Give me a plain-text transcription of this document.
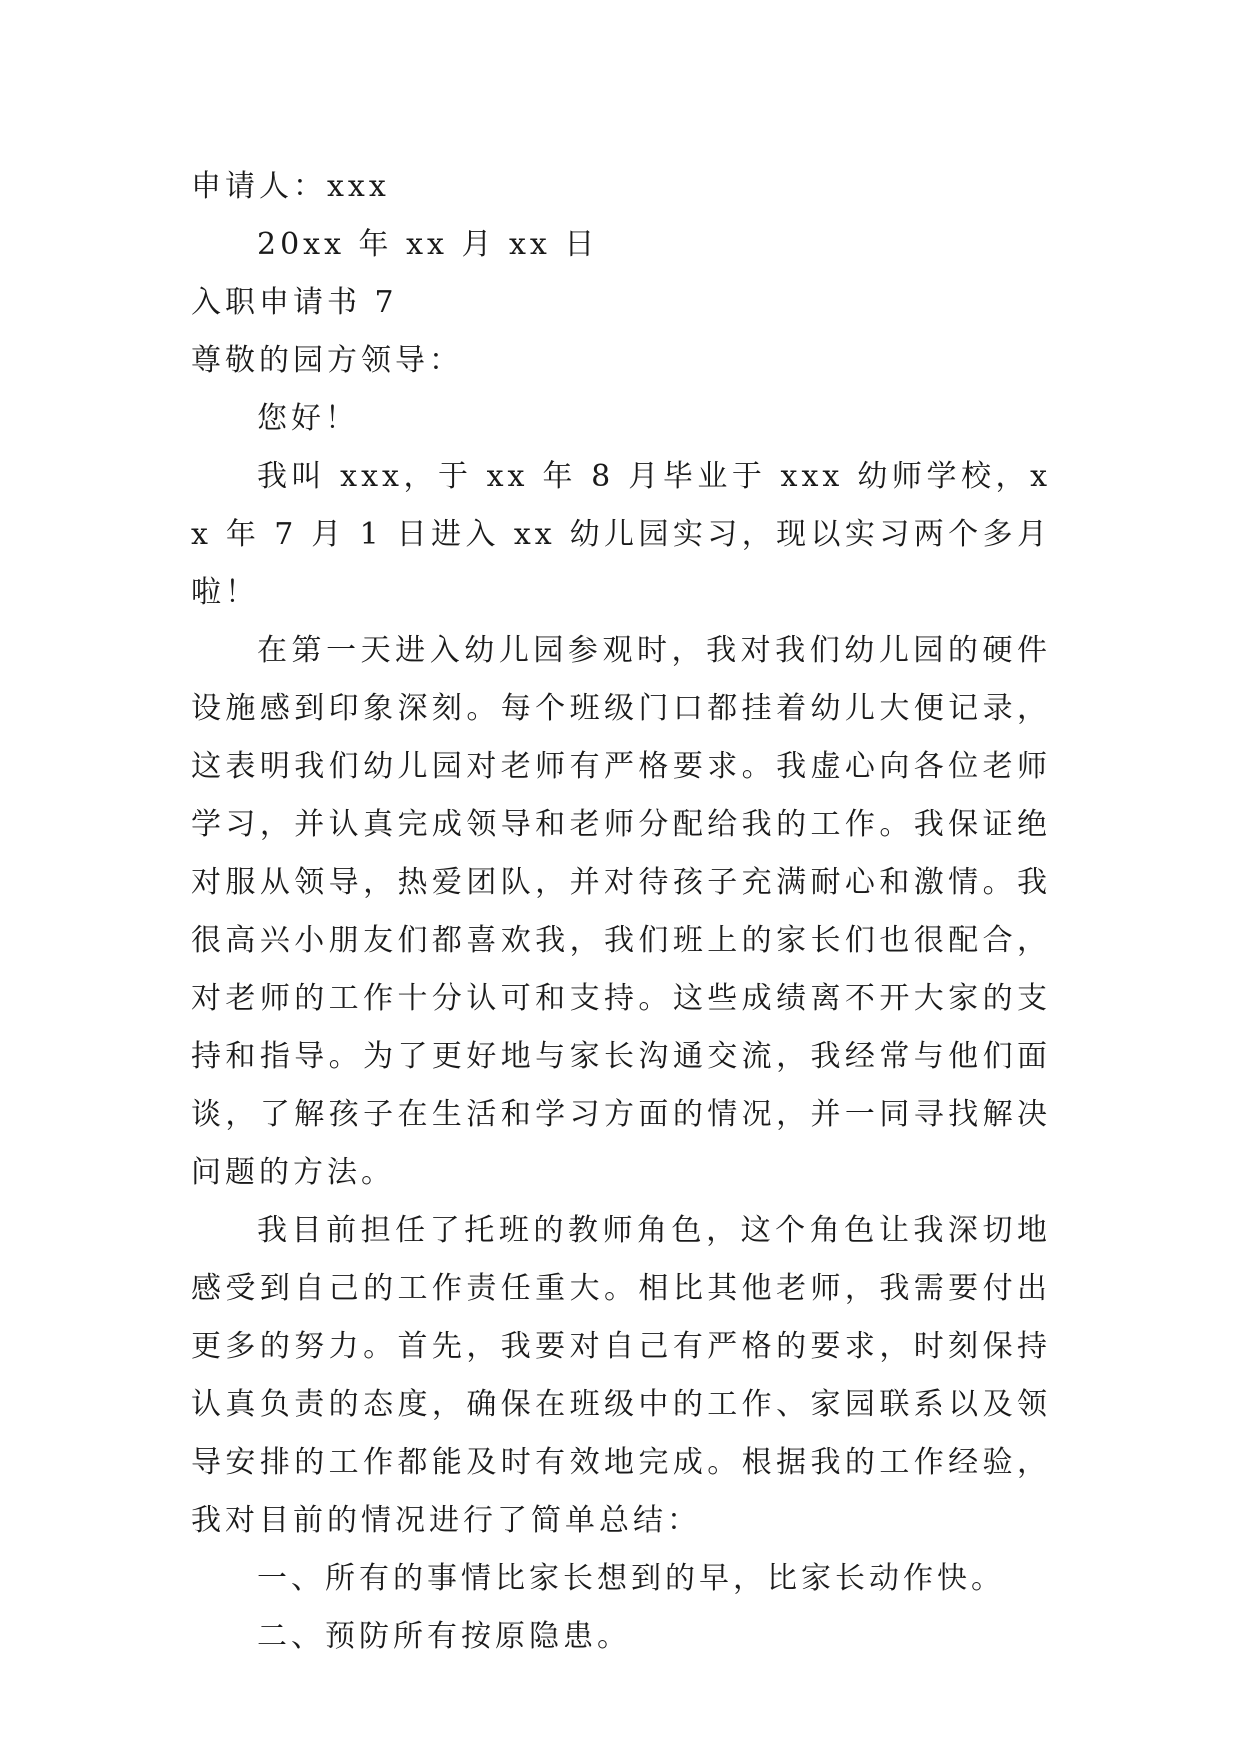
申请人：xxx

20xx 年 xx 月 xx 日

入职申请书 7

尊敬的园方领导：

您好！

我叫 xxx，于 xx 年 8 月毕业于 xxx 幼师学校，xx 年 7 月 1 日进入 xx 幼儿园实习，现以实习两个多月啦！

在第一天进入幼儿园参观时，我对我们幼儿园的硬件设施感到印象深刻。每个班级门口都挂着幼儿大便记录，这表明我们幼儿园对老师有严格要求。我虚心向各位老师学习，并认真完成领导和老师分配给我的工作。我保证绝对服从领导，热爱团队，并对待孩子充满耐心和激情。我很高兴小朋友们都喜欢我，我们班上的家长们也很配合，对老师的工作十分认可和支持。这些成绩离不开大家的支持和指导。为了更好地与家长沟通交流，我经常与他们面谈，了解孩子在生活和学习方面的情况，并一同寻找解决问题的方法。

我目前担任了托班的教师角色，这个角色让我深切地感受到自己的工作责任重大。相比其他老师，我需要付出更多的努力。首先，我要对自己有严格的要求，时刻保持认真负责的态度，确保在班级中的工作、家园联系以及领导安排的工作都能及时有效地完成。根据我的工作经验，我对目前的情况进行了简单总结：

一、所有的事情比家长想到的早，比家长动作快。

二、预防所有按原隐患。
